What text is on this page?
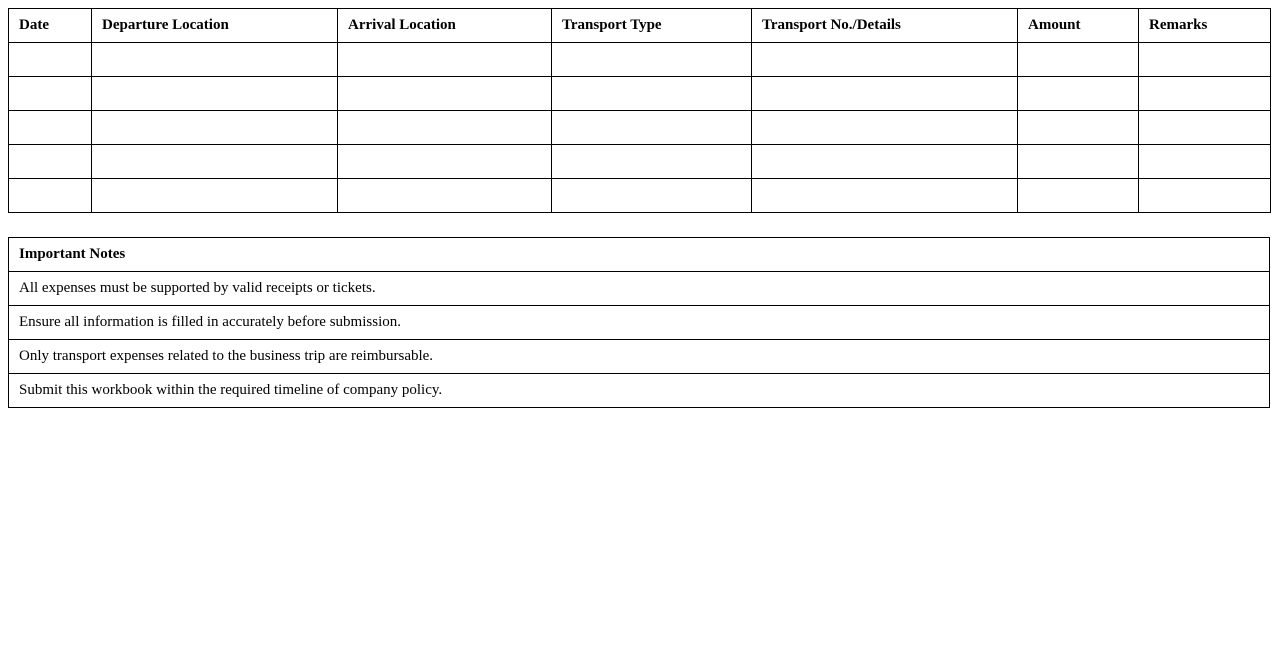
Date	Departure Location	Arrival Location	Transport Type	Transport No./Details	Amount	Remarks

Important Notes
All expenses must be supported by valid receipts or tickets.
Ensure all information is filled in accurately before submission.
Only transport expenses related to the business trip are reimbursable.
Submit this workbook within the required timeline of company policy.
